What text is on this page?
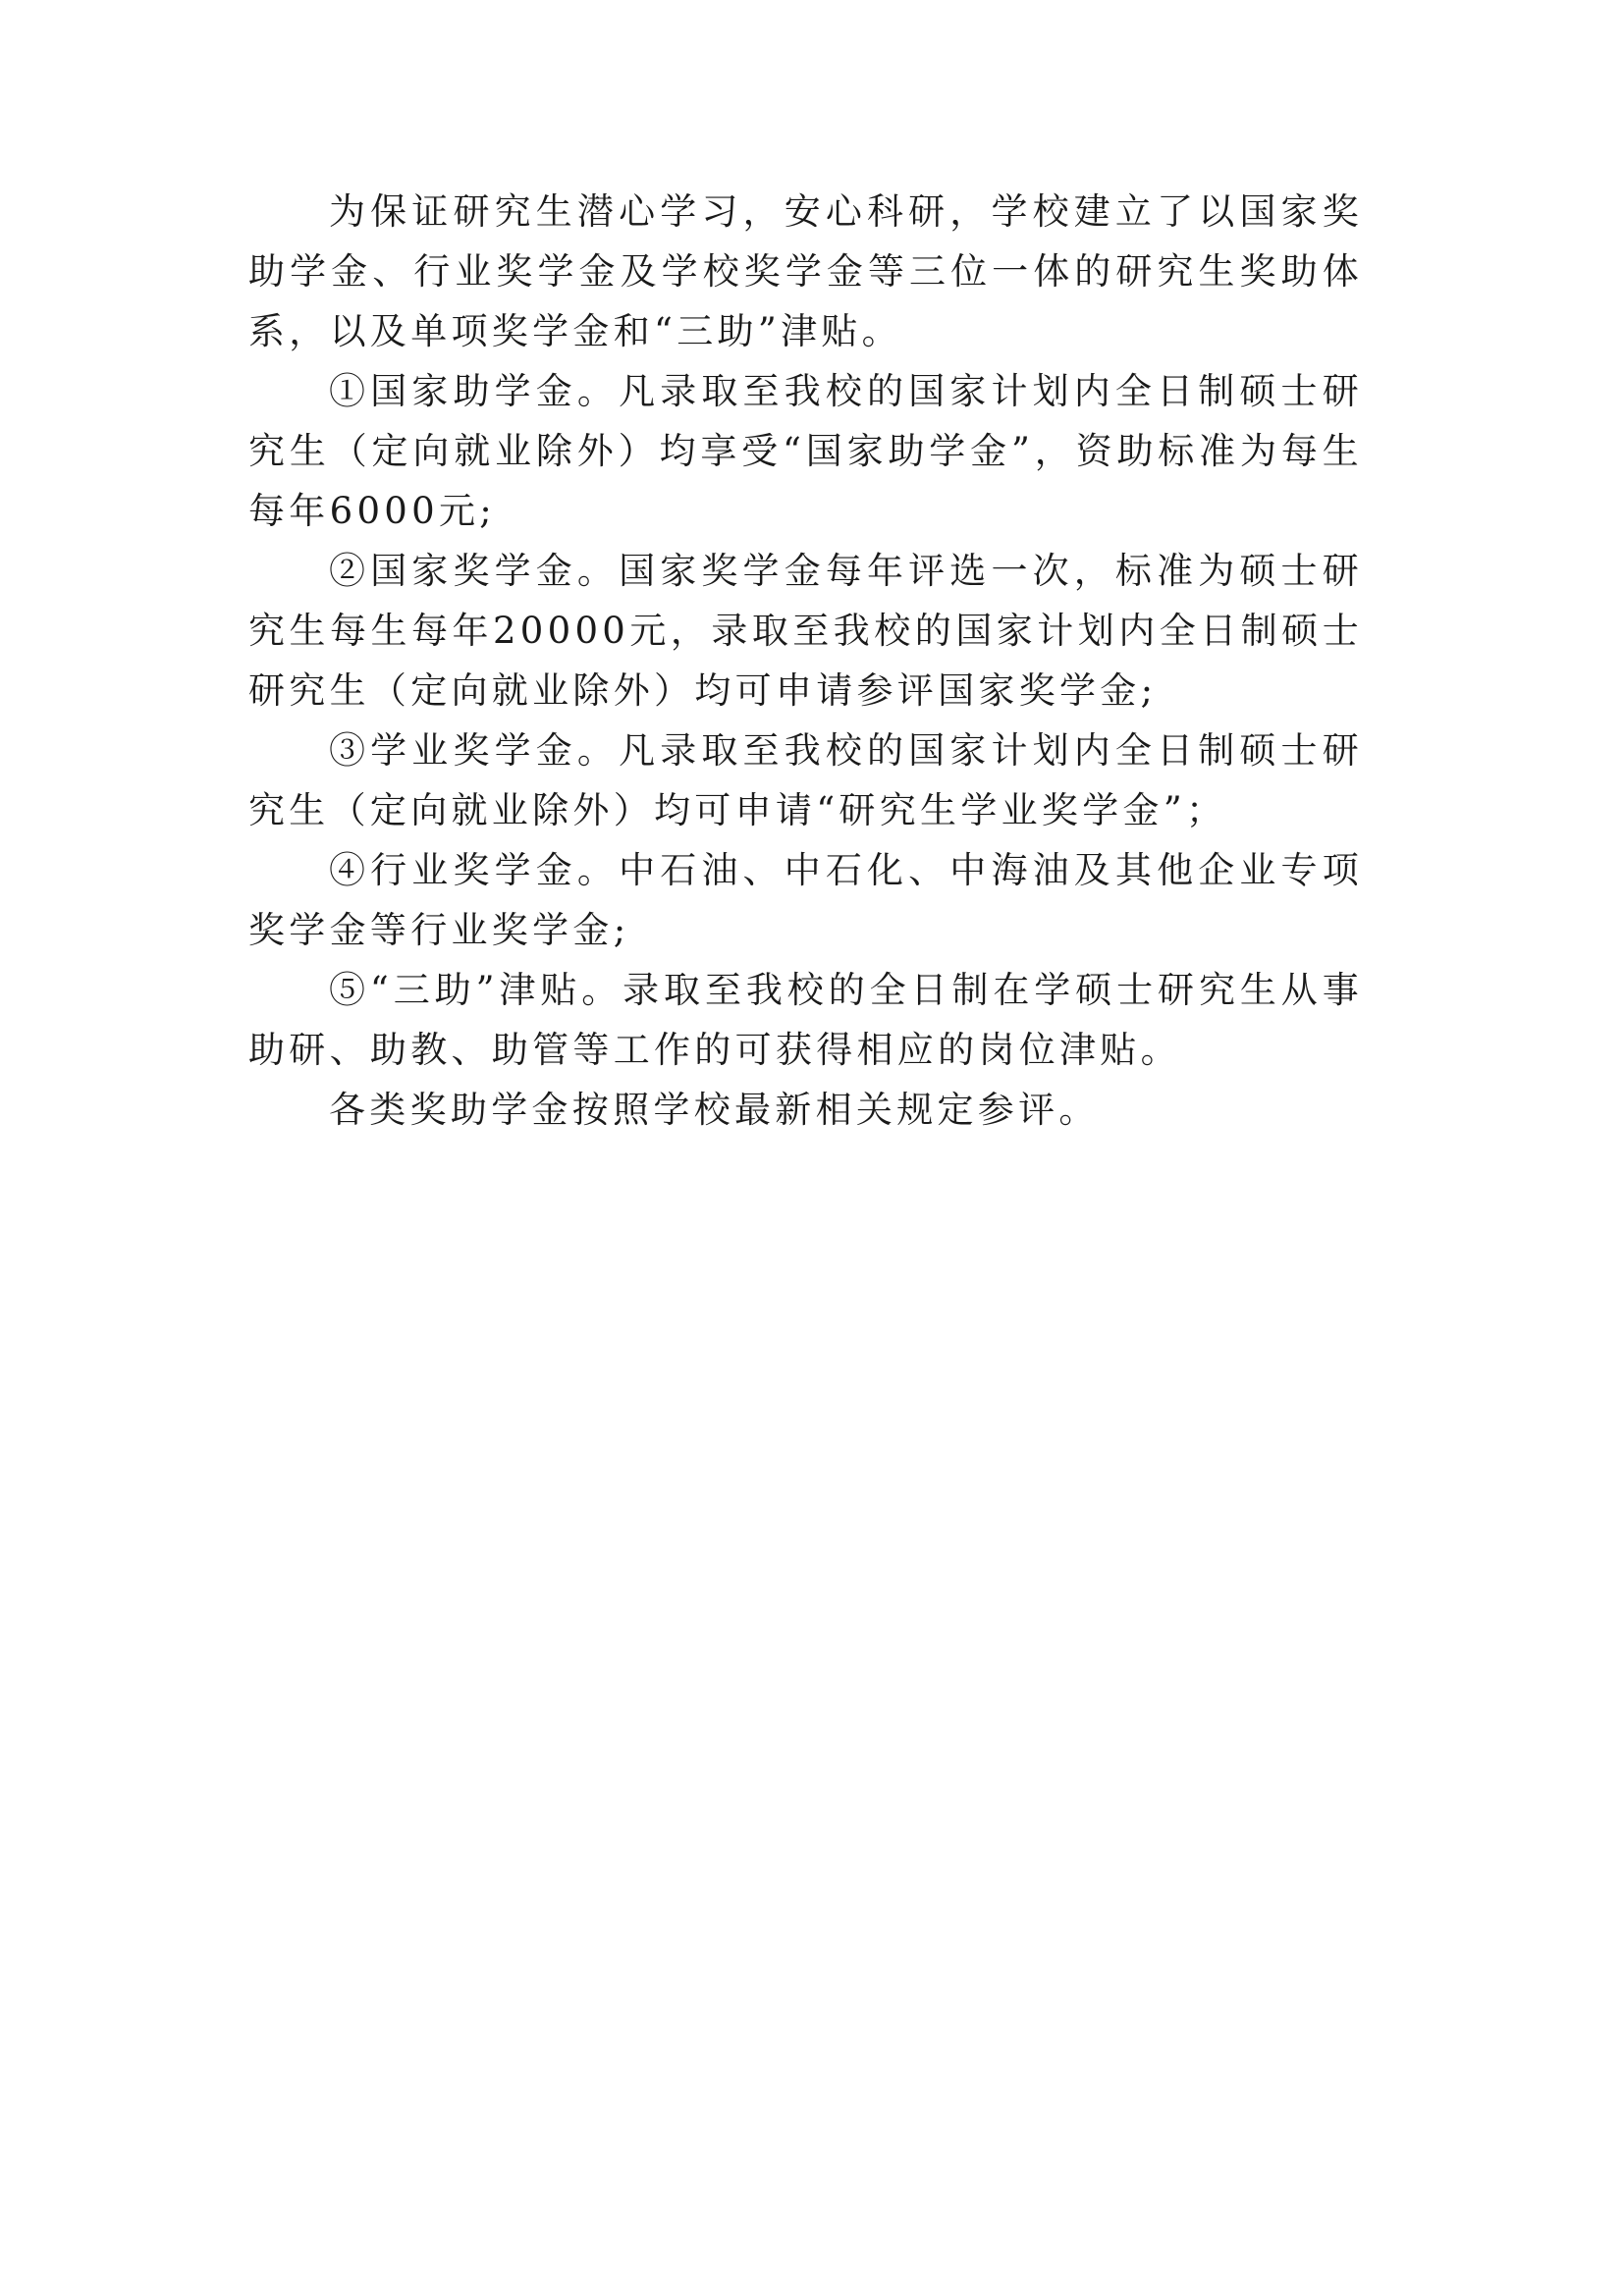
为保证研究生潜心学习，安心科研，学校建立了以国家奖助学金、行业奖学金及学校奖学金等三位一体的研究生奖助体系，以及单项奖学金和“三助”津贴。

①国家助学金。凡录取至我校的国家计划内全日制硕士研究生（定向就业除外）均享受“国家助学金”，资助标准为每生每年6000元;

②国家奖学金。国家奖学金每年评选一次，标准为硕士研究生每生每年20000元，录取至我校的国家计划内全日制硕士研究生（定向就业除外）均可申请参评国家奖学金;

③学业奖学金。凡录取至我校的国家计划内全日制硕士研究生（定向就业除外）均可申请“研究生学业奖学金”；

④行业奖学金。中石油、中石化、中海油及其他企业专项奖学金等行业奖学金;

⑤“三助”津贴。录取至我校的全日制在学硕士研究生从事助研、助教、助管等工作的可获得相应的岗位津贴。

各类奖助学金按照学校最新相关规定参评。
